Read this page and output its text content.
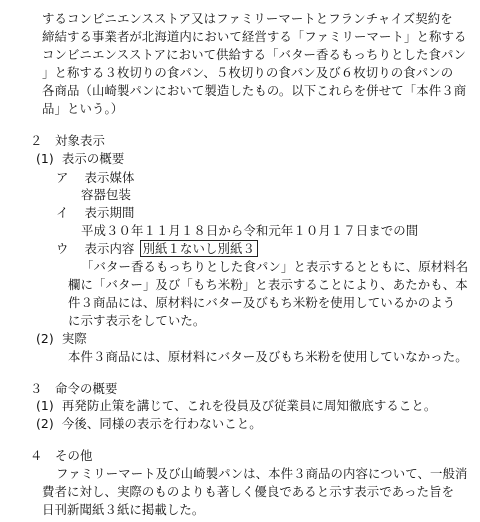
するコンビニエンスストア又はファミリーマートとフランチャイズ契約を
締結する事業者が北海道内において経営する「ファミリーマート」と称する
コンビニエンスストアにおいて供給する「バター香るもっちりとした食パン
」と称する３枚切りの食パン、５枚切りの食パン及び６枚切りの食パンの
各商品（山崎製パンにおいて製造したもの。以下これらを併せて「本件３商
品」という。）
２　対象表示
(1) 表示の概要
ア 表示媒体
容器包装
イ 表示期間
平成３０年１１月１８日から令和元年１０月１７日までの間
ウ 表示内容 別紙１ないし別紙３
「バター香るもっちりとした食パン」と表示するとともに、原材料名
欄に「バター」及び「もち米粉」と表示することにより、あたかも、本
件３商品には、原材料にバター及びもち米粉を使用しているかのよう
に示す表示をしていた。
(2) 実際
本件３商品には、原材料にバター及びもち米粉を使用していなかった。
３　命令の概要
(1) 再発防止策を講じて、これを役員及び従業員に周知徹底すること。
(2) 今後、同様の表示を行わないこと。
４　その他
ファミリーマート及び山崎製パンは、本件３商品の内容について、一般消
費者に対し、実際のものよりも著しく優良であると示す表示であった旨を
日刊新聞紙３紙に掲載した。
